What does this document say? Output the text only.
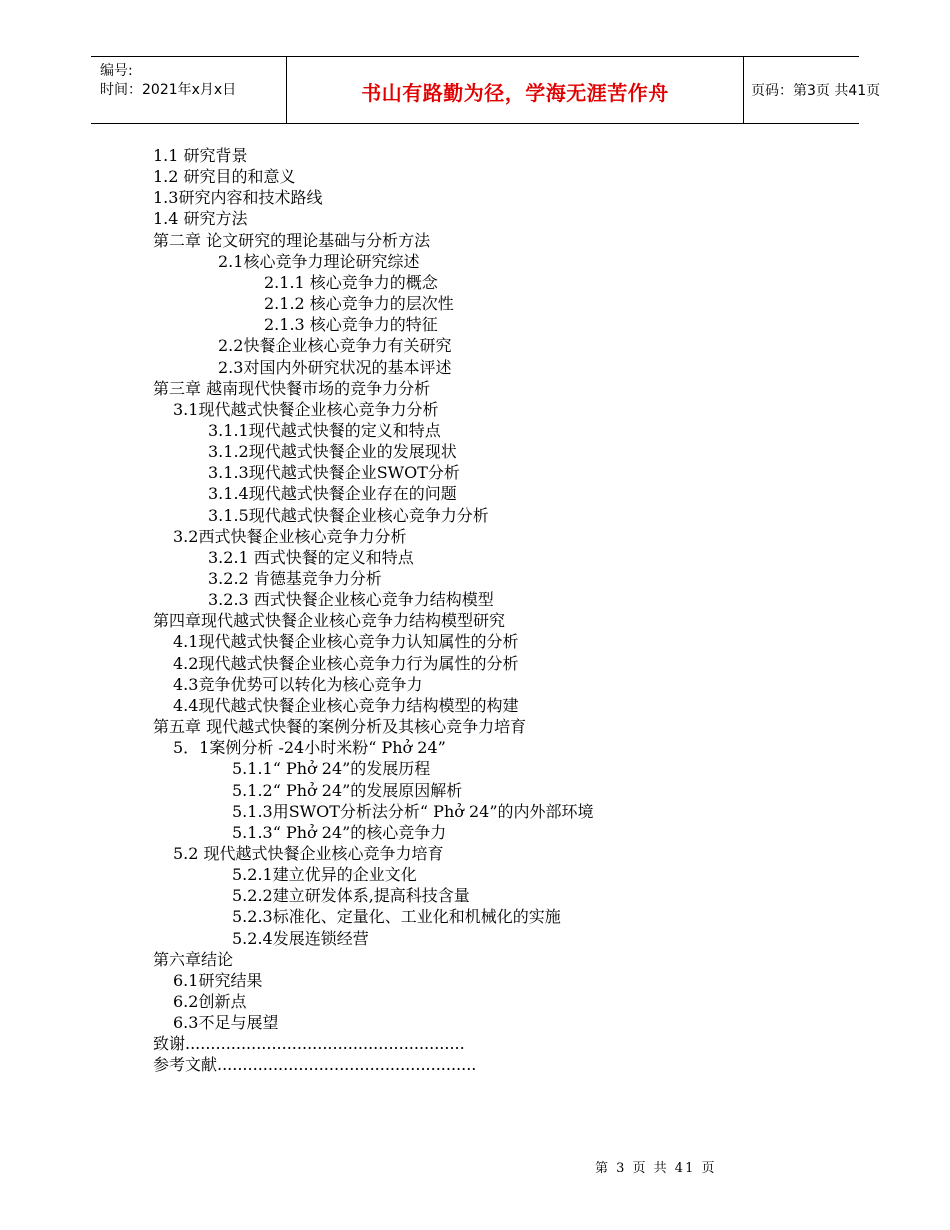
编号:
时间：2021年x月x日	书山有路勤为径，学海无涯苦作舟	页码：第3页 共41页
1.1 研究背景
1.2 研究目的和意义
1.3研究内容和技术路线
1.4 研究方法
第二章 论文研究的理论基础与分析方法
2.1核心竞争力理论研究综述
2.1.1 核心竞争力的概念
2.1.2 核心竞争力的层次性
2.1.3 核心竞争力的特征
2.2快餐企业核心竞争力有关研究
2.3对国内外研究状况的基本评述
第三章 越南现代快餐市场的竞争力分析
3.1现代越式快餐企业核心竞争力分析
3.1.1现代越式快餐的定义和特点
3.1.2现代越式快餐企业的发展现状
3.1.3现代越式快餐企业SWOT分析
3.1.4现代越式快餐企业存在的问题
3.1.5现代越式快餐企业核心竞争力分析
3.2西式快餐企业核心竞争力分析
3.2.1 西式快餐的定义和特点
3.2.2 肯德基竞争力分析
3.2.3 西式快餐企业核心竞争力结构模型
第四章现代越式快餐企业核心竞争力结构模型研究
4.1现代越式快餐企业核心竞争力认知属性的分析
4.2现代越式快餐企业核心竞争力行为属性的分析
4.3竞争优势可以转化为核心竞争力
4.4现代越式快餐企业核心竞争力结构模型的构建
第五章 现代越式快餐的案例分析及其核心竞争力培育
5．1案例分析 -24小时米粉“ Phở 24”
5.1.1“ Phở 24”的发展历程
5.1.2“ Phở 24”的发展原因解析
5.1.3用SWOT分析法分析“ Phở 24”的内外部环境
5.1.3“ Phở 24”的核心竞争力
5.2 现代越式快餐企业核心竞争力培育
5.2.1建立优异的企业文化
5.2.2建立研发体系,提高科技含量
5.2.3标准化、定量化、工业化和机械化的实施
5.2.4发展连锁经营
第六章结论
6.1研究结果
6.2创新点
6.3不足与展望
致谢.......................................................
参考文献...................................................
第 3 页 共 41 页
